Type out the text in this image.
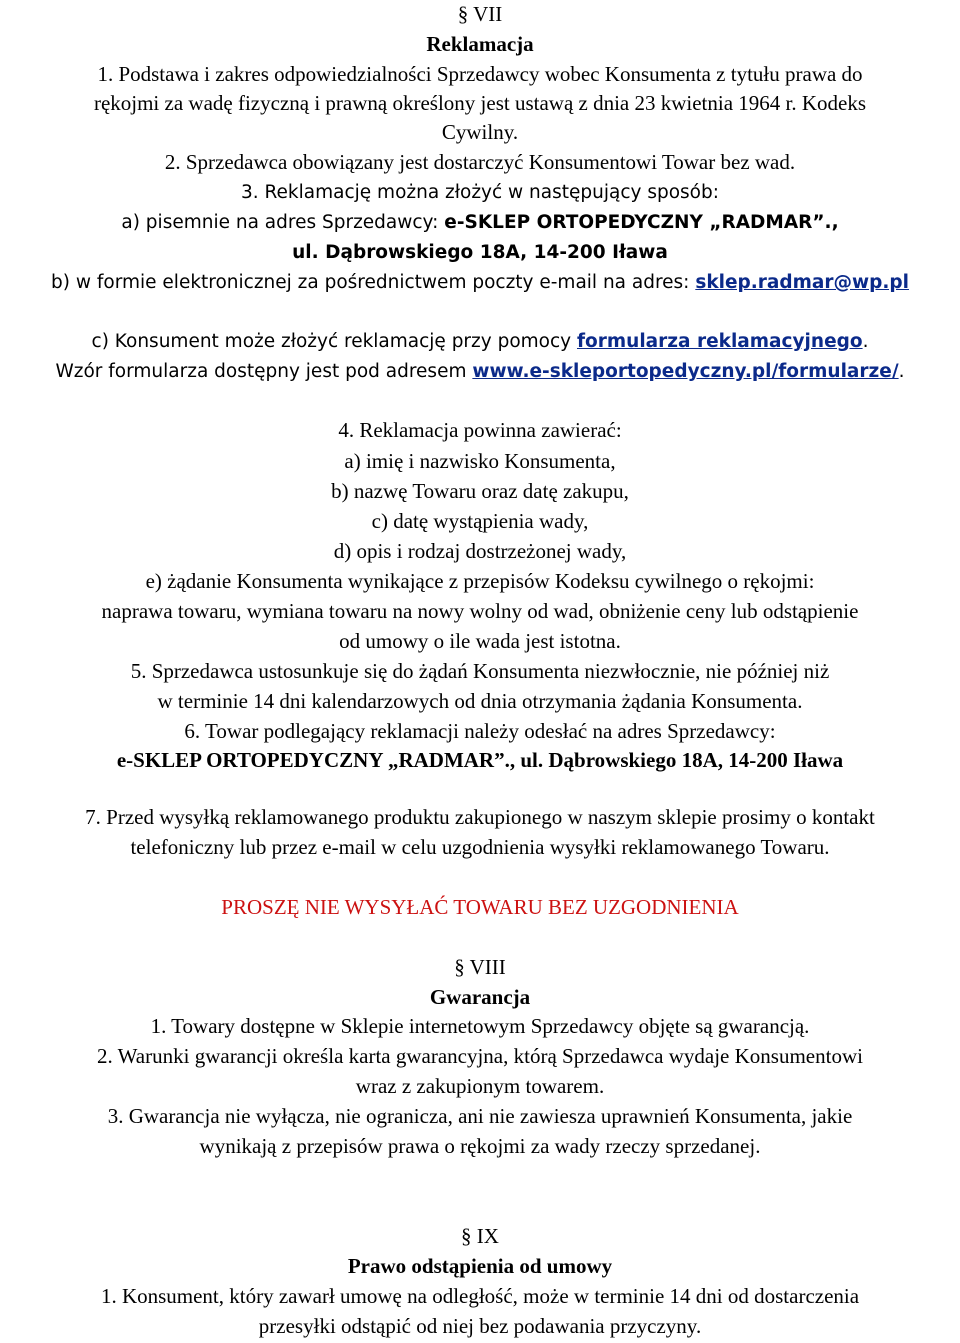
§ VII
Reklamacja
1. Podstawa i zakres odpowiedzialności Sprzedawcy wobec Konsumenta z tytułu prawa do
rękojmi za wadę fizyczną i prawną określony jest ustawą z dnia 23 kwietnia 1964 r. Kodeks
Cywilny.
2. Sprzedawca obowiązany jest dostarczyć Konsumentowi Towar bez wad.
3. Reklamację można złożyć w następujący sposób:
a) pisemnie na adres Sprzedawcy: e-SKLEP ORTOPEDYCZNY „RADMAR”.,
ul. Dąbrowskiego 18A, 14-200 Iława
b) w formie elektronicznej za pośrednictwem poczty e-mail na adres: sklep.radmar@wp.pl
c) Konsument może złożyć reklamację przy pomocy formularza reklamacyjnego.
Wzór formularza dostępny jest pod adresem www.e-skleportopedyczny.pl/formularze/.
4. Reklamacja powinna zawierać:
a) imię i nazwisko Konsumenta,
b) nazwę Towaru oraz datę zakupu,
c) datę wystąpienia wady,
d) opis i rodzaj dostrzeżonej wady,
e) żądanie Konsumenta wynikające z przepisów Kodeksu cywilnego o rękojmi:
naprawa towaru, wymiana towaru na nowy wolny od wad, obniżenie ceny lub odstąpienie
od umowy o ile wada jest istotna.
5. Sprzedawca ustosunkuje się do żądań Konsumenta niezwłocznie, nie później niż
w terminie 14 dni kalendarzowych od dnia otrzymania żądania Konsumenta.
6. Towar podlegający reklamacji należy odesłać na adres Sprzedawcy:
e-SKLEP ORTOPEDYCZNY „RADMAR”., ul. Dąbrowskiego 18A, 14-200 Iława
7. Przed wysyłką reklamowanego produktu zakupionego w naszym sklepie prosimy o kontakt
telefoniczny lub przez e-mail w celu uzgodnienia wysyłki reklamowanego Towaru.
PROSZĘ NIE WYSYŁAĆ TOWARU BEZ UZGODNIENIA
§ VIII
Gwarancja
1. Towary dostępne w Sklepie internetowym Sprzedawcy objęte są gwarancją.
2. Warunki gwarancji określa karta gwarancyjna, którą Sprzedawca wydaje Konsumentowi
wraz z zakupionym towarem.
3. Gwarancja nie wyłącza, nie ogranicza, ani nie zawiesza uprawnień Konsumenta, jakie
wynikają z przepisów prawa o rękojmi za wady rzeczy sprzedanej.
§ IX
Prawo odstąpienia od umowy
1. Konsument, który zawarł umowę na odległość, może w terminie 14 dni od dostarczenia
przesyłki odstąpić od niej bez podawania przyczyny.
